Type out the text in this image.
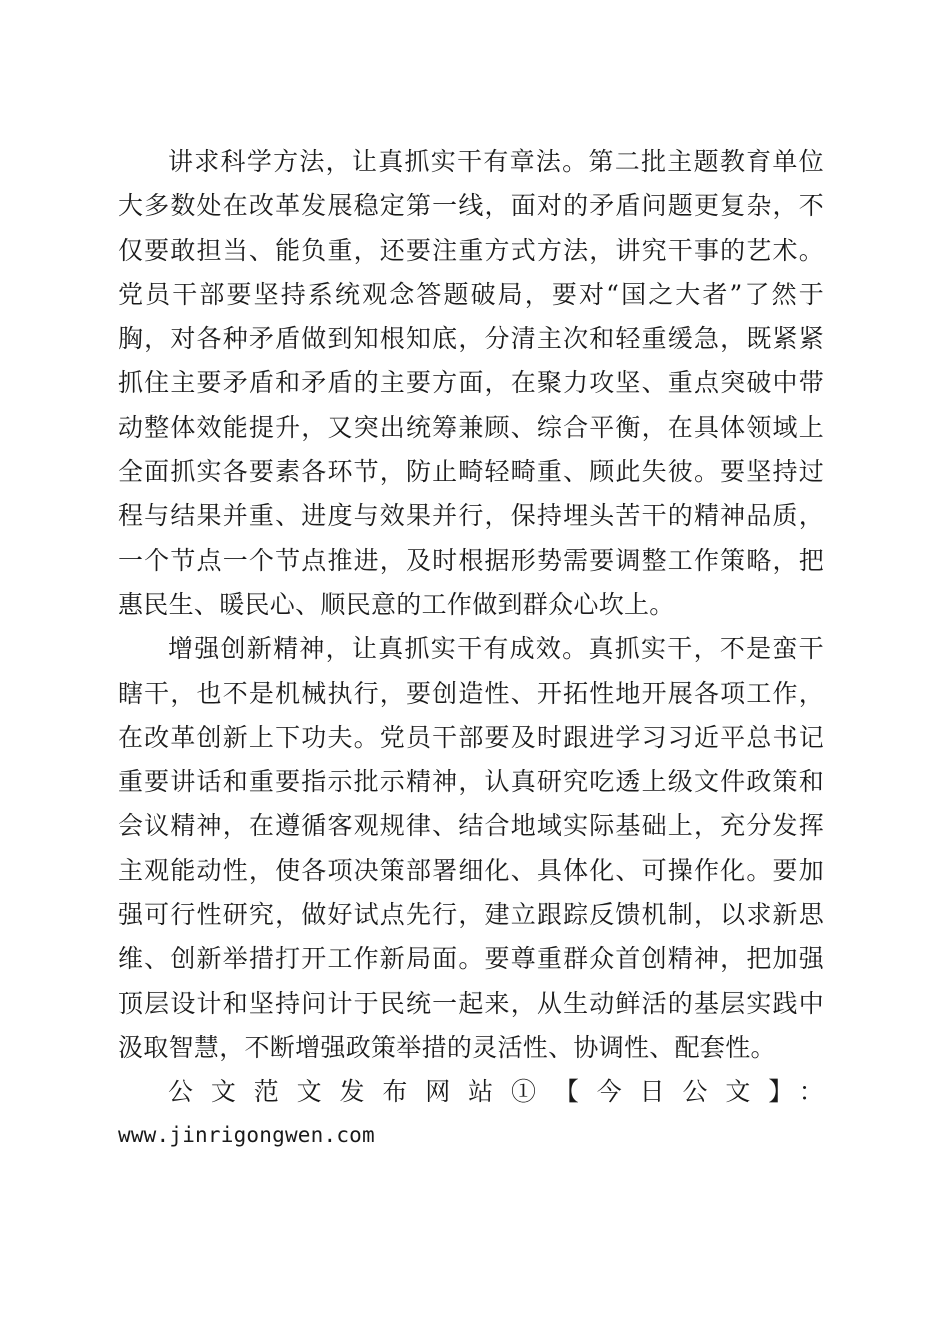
讲求科学方法，让真抓实干有章法。第二批主题教育单位大多数处在改革发展稳定第一线，面对的矛盾问题更复杂，不仅要敢担当、能负重，还要注重方式方法，讲究干事的艺术。党员干部要坚持系统观念答题破局，要对“国之大者”了然于胸，对各种矛盾做到知根知底，分清主次和轻重缓急，既紧紧抓住主要矛盾和矛盾的主要方面，在聚力攻坚、重点突破中带动整体效能提升，又突出统筹兼顾、综合平衡，在具体领域上全面抓实各要素各环节，防止畸轻畸重、顾此失彼。要坚持过程与结果并重、进度与效果并行，保持埋头苦干的精神品质，一个节点一个节点推进，及时根据形势需要调整工作策略，把惠民生、暖民心、顺民意的工作做到群众心坎上。

增强创新精神，让真抓实干有成效。真抓实干，不是蛮干瞎干，也不是机械执行，要创造性、开拓性地开展各项工作，在改革创新上下功夫。党员干部要及时跟进学习习近平总书记重要讲话和重要指示批示精神，认真研究吃透上级文件政策和会议精神，在遵循客观规律、结合地域实际基础上，充分发挥主观能动性，使各项决策部署细化、具体化、可操作化。要加强可行性研究，做好试点先行，建立跟踪反馈机制，以求新思维、创新举措打开工作新局面。要尊重群众首创精神，把加强顶层设计和坚持问计于民统一起来，从生动鲜活的基层实践中汲取智慧，不断增强政策举措的灵活性、协调性、配套性。

公文范文发布网站①【今日公文】：

www.jinrigongwen.com
